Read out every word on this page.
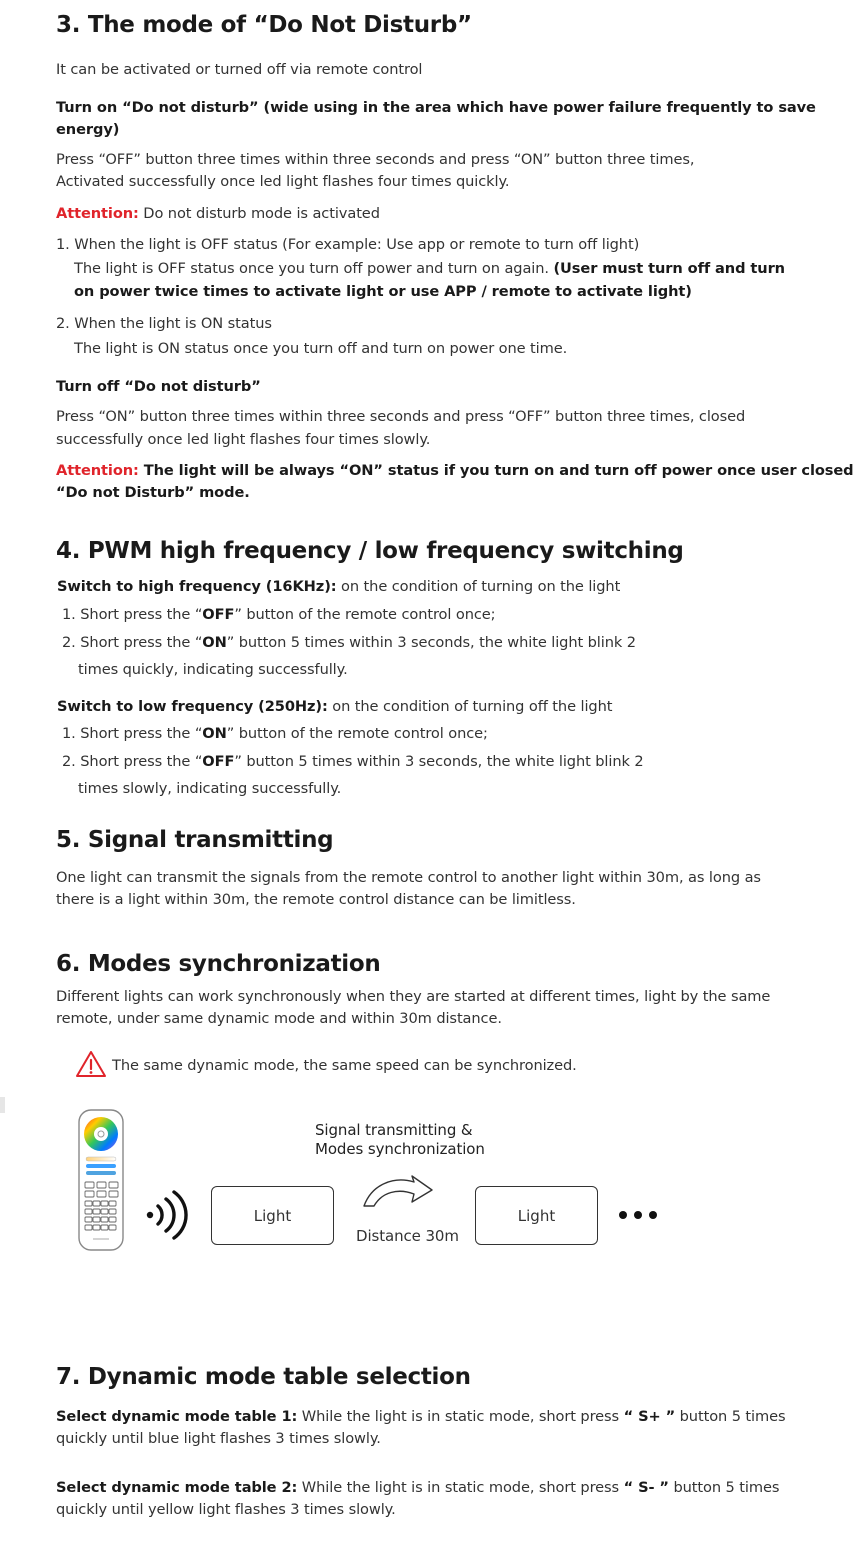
3. The mode of “Do Not Disturb”
It can be activated or turned off via remote control
Turn on “Do not disturb” (wide using in the area which have power failure frequently to save
energy)
Press “OFF” button three times within three seconds and press “ON” button three times,
Activated successfully once led light flashes four times quickly.
Attention: Do not disturb mode is activated
1. When the light is OFF status (For example: Use app or remote to turn off light)
The light is OFF status once you turn off power and turn on again. (User must turn off and turn
on power twice times to activate light or use APP / remote to activate light)
2. When the light is ON status
The light is ON status once you turn off and turn on power one time.
Turn off “Do not disturb”
Press “ON” button three times within three seconds and press “OFF” button three times, closed
successfully once led light flashes four times slowly.
Attention: The light will be always “ON” status if you turn on and turn off power once user closed
“Do not Disturb” mode.
4. PWM high frequency / low frequency switching
Switch to high frequency (16KHz): on the condition of turning on the light
1. Short press the “OFF” button of the remote control once;
2. Short press the “ON” button 5 times within 3 seconds, the white light blink 2
times quickly, indicating successfully.
Switch to low frequency (250Hz): on the condition of turning off the light
1. Short press the “ON” button of the remote control once;
2. Short press the “OFF” button 5 times within 3 seconds, the white light blink 2
times slowly, indicating successfully.
5. Signal transmitting
One light can transmit the signals from the remote control to another light within 30m, as long as
there is a light within 30m, the remote control distance can be limitless.
6. Modes synchronization
Different lights can work synchronously when they are started at different times, light by the same
remote, under same dynamic mode and within 30m distance.
The same dynamic mode, the same speed can be synchronized.
Light
Signal transmitting &
Modes synchronization
Distance 30m
Light
7. Dynamic mode table selection
Select dynamic mode table 1: While the light is in static mode, short press “ S+ ” button 5 times
quickly until blue light flashes 3 times slowly.
Select dynamic mode table 2: While the light is in static mode, short press “ S- ” button 5 times
quickly until yellow light flashes 3 times slowly.
